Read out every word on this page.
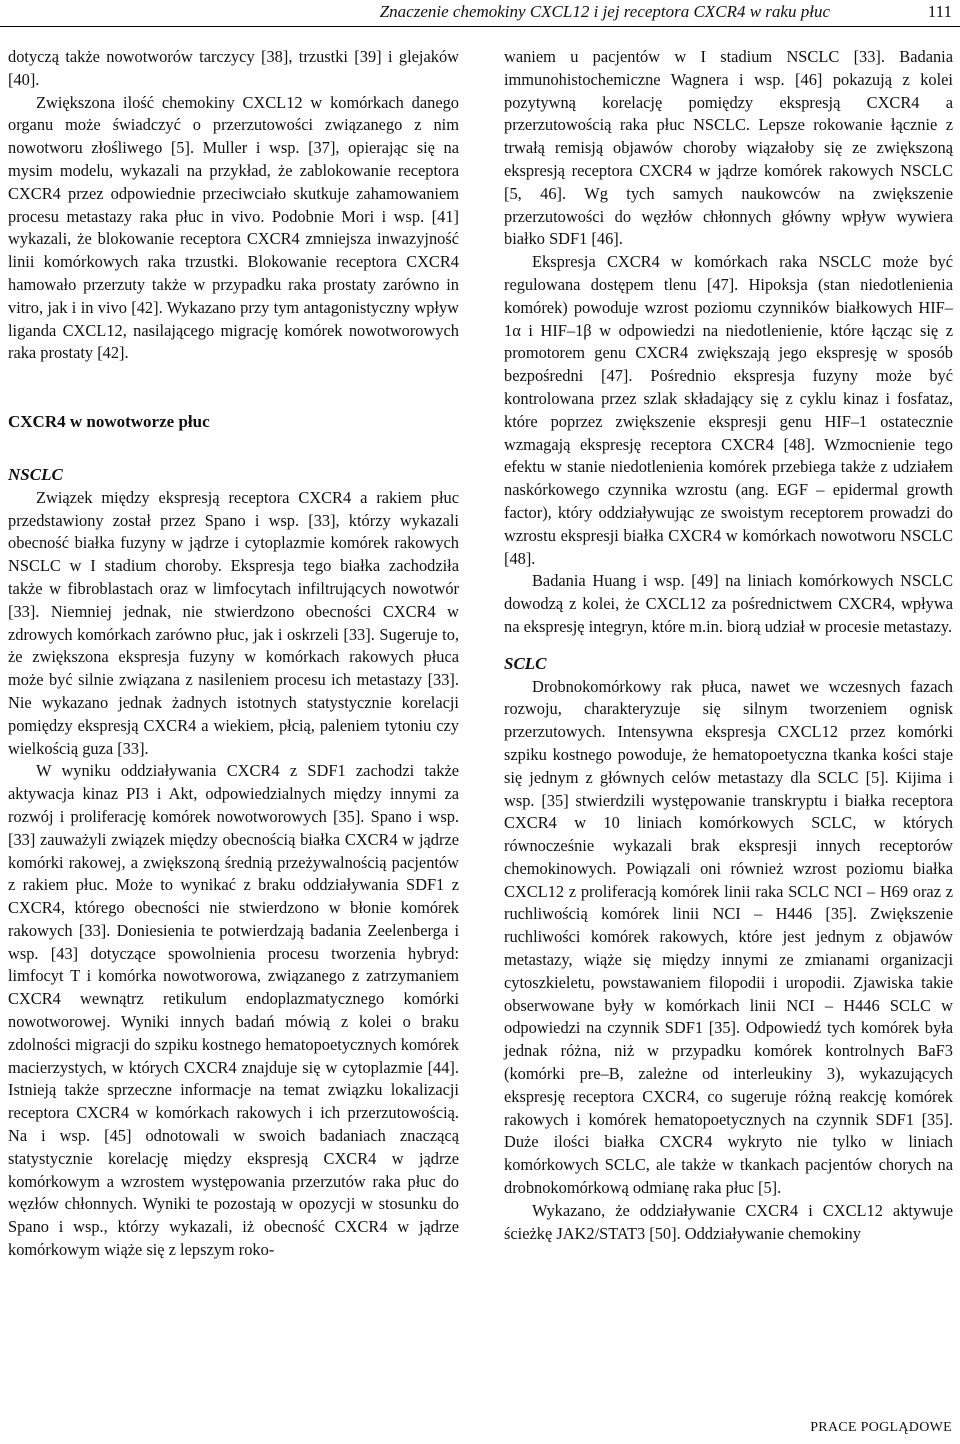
Znaczenie chemokiny CXCL12 i jej receptora CXCR4 w raku płuc	111

dotyczą także nowotworów tarczycy [38], trzustki [39] i glejaków [40].

Zwiększona ilość chemokiny CXCL12 w komórkach danego organu może świadczyć o przerzutowości związanego z nim nowotworu złośliwego [5]. Muller i wsp. [37], opierając się na mysim modelu, wykazali na przykład, że zablokowanie receptora CXCR4 przez odpowiednie przeciwciało skutkuje zahamowaniem procesu metastazy raka płuc in vivo. Podobnie Mori i wsp. [41] wykazali, że blokowanie receptora CXCR4 zmniejsza inwazyjność linii komórkowych raka trzustki. Blokowanie receptora CXCR4 hamowało przerzuty także w przypadku raka prostaty zarówno in vitro, jak i in vivo [42]. Wykazano przy tym antagonistyczny wpływ liganda CXCL12, nasilającego migrację komórek nowotworowych raka prostaty [42].

CXCR4 w nowotworze płuc
NSCLC

Związek między ekspresją receptora CXCR4 a rakiem płuc przedstawiony został przez Spano i wsp. [33], którzy wykazali obecność białka fuzyny w jądrze i cytoplazmie komórek rakowych NSCLC w I stadium choroby. Ekspresja tego białka zachodziła także w fibroblastach oraz w limfocytach infiltrujących nowotwór [33]. Niemniej jednak, nie stwierdzono obecności CXCR4 w zdrowych komórkach zarówno płuc, jak i oskrzeli [33]. Sugeruje to, że zwiększona ekspresja fuzyny w komórkach rakowych płuca może być silnie związana z nasileniem procesu ich metastazy [33]. Nie wykazano jednak żadnych istotnych statystycznie korelacji pomiędzy ekspresją CXCR4 a wiekiem, płcią, paleniem tytoniu czy wielkością guza [33].

W wyniku oddziaływania CXCR4 z SDF1 zachodzi także aktywacja kinaz PI3 i Akt, odpowiedzialnych między innymi za rozwój i proliferację komórek nowotworowych [35]. Spano i wsp. [33] zauważyli związek między obecnością białka CXCR4 w jądrze komórki rakowej, a zwiększoną średnią przeżywalnością pacjentów z rakiem płuc. Może to wynikać z braku oddziaływania SDF1 z CXCR4, którego obecności nie stwierdzono w błonie komórek rakowych [33]. Doniesienia te potwierdzają badania Zeelenberga i wsp. [43] dotyczące spowolnienia procesu tworzenia hybryd: limfocyt T i komórka nowotworowa, związanego z zatrzymaniem CXCR4 wewnątrz retikulum endoplazmatycznego komórki nowotworowej. Wyniki innych badań mówią z kolei o braku zdolności migracji do szpiku kostnego hematopoetycznych komórek macierzystych, w których CXCR4 znajduje się w cytoplazmie [44]. Istnieją także sprzeczne informacje na temat związku lokalizacji receptora CXCR4 w komórkach rakowych i ich przerzutowością. Na i wsp. [45] odnotowali w swoich badaniach znaczącą statystycznie korelację między ekspresją CXCR4 w jądrze komórkowym a wzrostem występowania przerzutów raka płuc do węzłów chłonnych. Wyniki te pozostają w opozycji w stosunku do Spano i wsp., którzy wykazali, iż obecność CXCR4 w jądrze komórkowym wiąże się z lepszym roko-

waniem u pacjentów w I stadium NSCLC [33]. Badania immunohistochemiczne Wagnera i wsp. [46] pokazują z kolei pozytywną korelację pomiędzy ekspresją CXCR4 a przerzutowością raka płuc NSCLC. Lepsze rokowanie łącznie z trwałą remisją objawów choroby wiązałoby się ze zwiększoną ekspresją receptora CXCR4 w jądrze komórek rakowych NSCLC [5, 46]. Wg tych samych naukowców na zwiększenie przerzutowości do węzłów chłonnych główny wpływ wywiera białko SDF1 [46].

Ekspresja CXCR4 w komórkach raka NSCLC może być regulowana dostępem tlenu [47]. Hipoksja (stan niedotlenienia komórek) powoduje wzrost poziomu czynników białkowych HIF–1α i HIF–1β w odpowiedzi na niedotlenienie, które łącząc się z promotorem genu CXCR4 zwiększają jego ekspresję w sposób bezpośredni [47]. Pośrednio ekspresja fuzyny może być kontrolowana przez szlak składający się z cyklu kinaz i fosfataz, które poprzez zwiększenie ekspresji genu HIF–1 ostatecznie wzmagają ekspresję receptora CXCR4 [48]. Wzmocnienie tego efektu w stanie niedotlenienia komórek przebiega także z udziałem naskórkowego czynnika wzrostu (ang. EGF – epidermal growth factor), który oddziaływując ze swoistym receptorem prowadzi do wzrostu ekspresji białka CXCR4 w komórkach nowotworu NSCLC [48].

Badania Huang i wsp. [49] na liniach komórkowych NSCLC dowodzą z kolei, że CXCL12 za pośrednictwem CXCR4, wpływa na ekspresję integryn, które m.in. biorą udział w procesie metastazy.

SCLC

Drobnokomórkowy rak płuca, nawet we wczesnych fazach rozwoju, charakteryzuje się silnym tworzeniem ognisk przerzutowych. Intensywna ekspresja CXCL12 przez komórki szpiku kostnego powoduje, że hematopoetyczna tkanka kości staje się jednym z głównych celów metastazy dla SCLC [5]. Kijima i wsp. [35] stwierdzili występowanie transkryptu i białka receptora CXCR4 w 10 liniach komórkowych SCLC, w których równocześnie wykazali brak ekspresji innych receptorów chemokinowych. Powiązali oni również wzrost poziomu białka CXCL12 z proliferacją komórek linii raka SCLC NCI – H69 oraz z ruchliwością komórek linii NCI – H446 [35]. Zwiększenie ruchliwości komórek rakowych, które jest jednym z objawów metastazy, wiąże się między innymi ze zmianami organizacji cytoszkieletu, powstawaniem filopodii i uropodii. Zjawiska takie obserwowane były w komórkach linii NCI – H446 SCLC w odpowiedzi na czynnik SDF1 [35]. Odpowiedź tych komórek była jednak różna, niż w przypadku komórek kontrolnych BaF3 (komórki pre–B, zależne od interleukiny 3), wykazujących ekspresję receptora CXCR4, co sugeruje różną reakcję komórek rakowych i komórek hematopoetycznych na czynnik SDF1 [35]. Duże ilości białka CXCR4 wykryto nie tylko w liniach komórkowych SCLC, ale także w tkankach pacjentów chorych na drobnokomórkową odmianę raka płuc [5].

Wykazano, że oddziaływanie CXCR4 i CXCL12 aktywuje ścieżkę JAK2/STAT3 [50]. Oddziaływanie chemokiny

PRACE POGLĄDOWE
